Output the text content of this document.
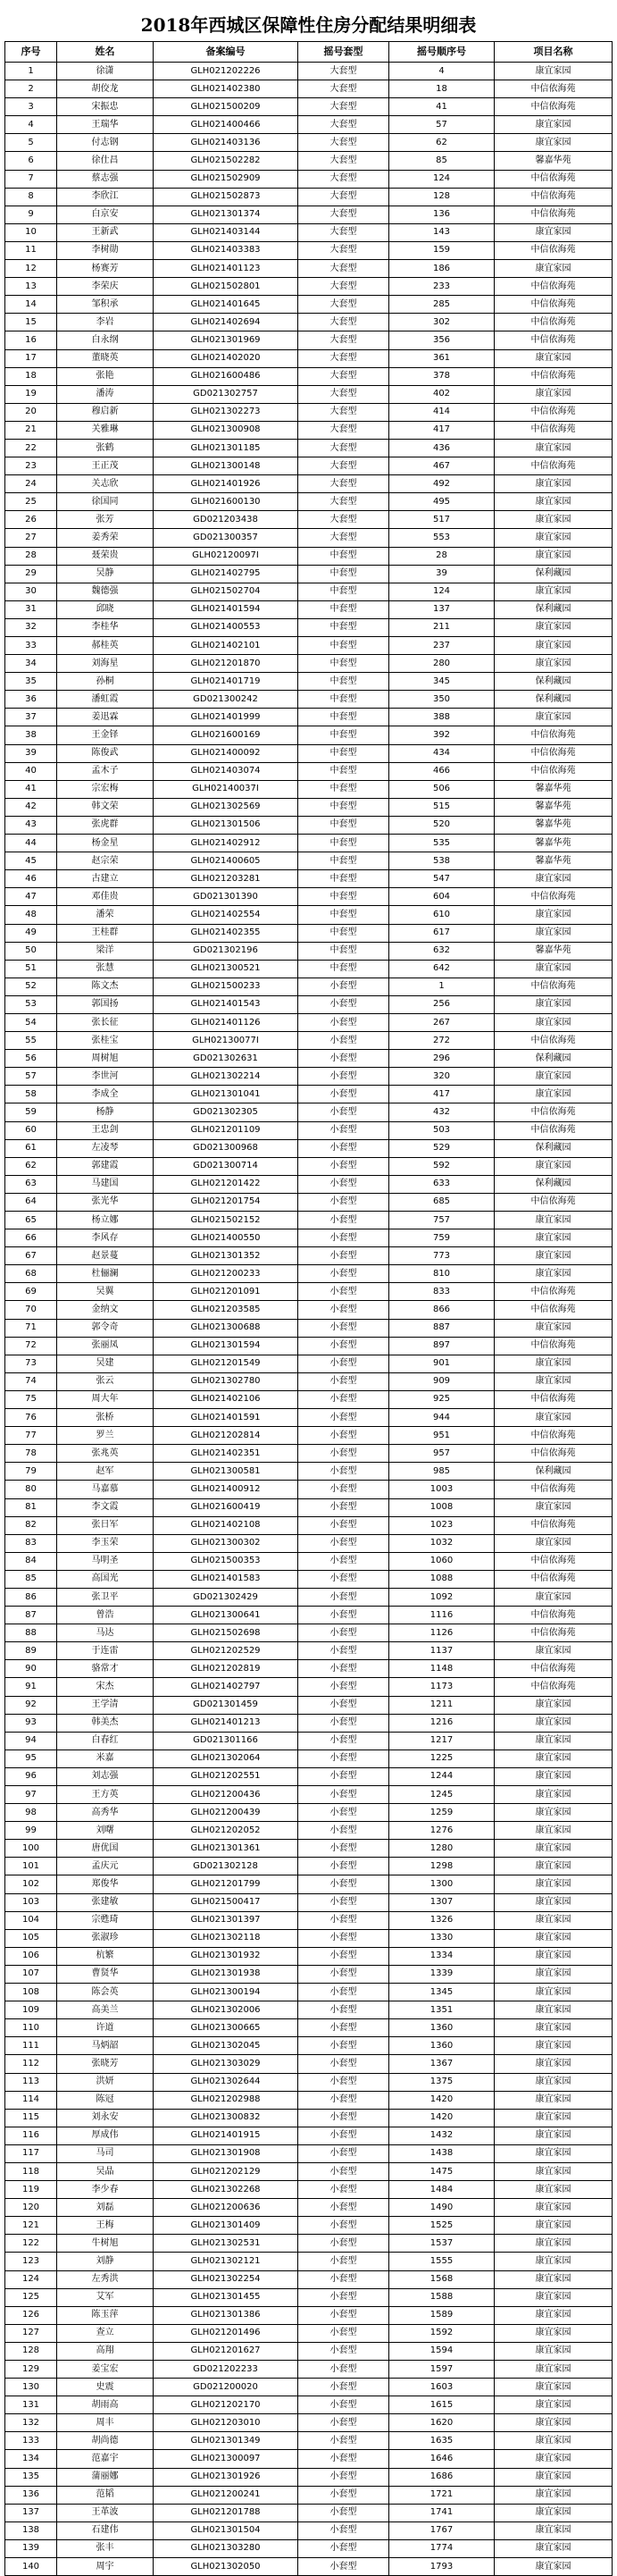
2018年西城区保障性住房分配结果明细表
序号	姓名	备案编号	摇号套型	摇号顺序号	项目名称
1	徐潇	GLH021202226	大套型	4	康宜家园
2	胡佼龙	GLH021402380	大套型	18	中信依海苑
3	宋振忠	GLH021500209	大套型	41	中信依海苑
4	王瑞华	GLH021400466	大套型	57	康宜家园
5	付志钢	GLH021403136	大套型	62	康宜家园
6	徐仕昌	GLH021502282	大套型	85	馨嘉华苑
7	蔡志强	GLH021502909	大套型	124	中信依海苑
8	李欣江	GLH021502873	大套型	128	中信依海苑
9	白京安	GLH021301374	大套型	136	中信依海苑
10	王新武	GLH021403144	大套型	143	康宜家园
11	李树勋	GLH021403383	大套型	159	中信依海苑
12	杨赛芳	GLH021401123	大套型	186	康宜家园
13	李荣庆	GLH021502801	大套型	233	中信依海苑
14	邹积承	GLH021401645	大套型	285	中信依海苑
15	李岩	GLH021402694	大套型	302	中信依海苑
16	白永纲	GLH021301969	大套型	356	中信依海苑
17	董晓英	GLH021402020	大套型	361	康宜家园
18	张艳	GLH021600486	大套型	378	中信依海苑
19	潘涛	GD021302757	大套型	402	康宜家园
20	穆启新	GLH021302273	大套型	414	中信依海苑
21	关雅琳	GLH021300908	大套型	417	中信依海苑
22	张鹤	GLH021301185	大套型	436	康宜家园
23	王正茂	GLH021300148	大套型	467	中信依海苑
24	关志欣	GLH021401926	大套型	492	康宜家园
25	徐国同	GLH021600130	大套型	495	康宜家园
26	张芳	GD021203438	大套型	517	康宜家园
27	姜秀荣	GD021300357	大套型	553	康宜家园
28	聂荣贵	GLH02120097I	中套型	28	康宜家园
29	吴静	GLH021402795	中套型	39	保利藏园
30	魏德强	GLH021502704	中套型	124	康宜家园
31	邱晓	GLH021401594	中套型	137	保利藏园
32	李桂华	GLH021400553	中套型	211	康宜家园
33	郝桂英	GLH021402101	中套型	237	康宜家园
34	刘海星	GLH021201870	中套型	280	康宜家园
35	孙桐	GLH021401719	中套型	345	保利藏园
36	潘虹霞	GD021300242	中套型	350	保利藏园
37	姜迅霖	GLH021401999	中套型	388	康宜家园
38	王金铎	GLH021600169	中套型	392	中信依海苑
39	陈俊武	GLH021400092	中套型	434	中信依海苑
40	孟木子	GLH021403074	中套型	466	中信依海苑
41	宗宏梅	GLH02140037I	中套型	506	馨嘉华苑
42	韩文荣	GLH021302569	中套型	515	馨嘉华苑
43	张虎群	GLH021301506	中套型	520	馨嘉华苑
44	杨金星	GLH021402912	中套型	535	馨嘉华苑
45	赵宗荣	GLH021400605	中套型	538	馨嘉华苑
46	古建立	GLH021203281	中套型	547	康宜家园
47	邓佳贵	GD021301390	中套型	604	中信依海苑
48	潘荣	GLH021402554	中套型	610	康宜家园
49	王桂群	GLH021402355	中套型	617	康宜家园
50	梁洋	GD021302196	中套型	632	馨嘉华苑
51	张慧	GLH021300521	中套型	642	康宜家园
52	陈文杰	GLH021500233	小套型	1	中信依海苑
53	郭国扬	GLH021401543	小套型	256	康宜家园
54	张长征	GLH021401126	小套型	267	康宜家园
55	张桂宝	GLH02130077I	小套型	272	中信依海苑
56	周树旭	GD021302631	小套型	296	保利藏园
57	李世河	GLH021302214	小套型	320	康宜家园
58	李成全	GLH021301041	小套型	417	康宜家园
59	杨静	GD021302305	小套型	432	中信依海苑
60	王忠剑	GLH021201109	小套型	503	中信依海苑
61	左凌琴	GD021300968	小套型	529	保利藏园
62	郭建霞	GD021300714	小套型	592	康宜家园
63	马建国	GLH021201422	小套型	633	保利藏园
64	张光华	GLH021201754	小套型	685	中信依海苑
65	杨立娜	GLH021502152	小套型	757	康宜家园
66	李风存	GLH021400550	小套型	759	康宜家园
67	赵景蔓	GLH021301352	小套型	773	康宜家园
68	杜俪澜	GLH021200233	小套型	810	康宜家园
69	吴翼	GLH021201091	小套型	833	中信依海苑
70	金纳文	GLH021203585	小套型	866	中信依海苑
71	郭令奇	GLH021300688	小套型	887	康宜家园
72	张丽凤	GLH021301594	小套型	897	中信依海苑
73	吴建	GLH021201549	小套型	901	康宜家园
74	张云	GLH021302780	小套型	909	康宜家园
75	周大年	GLH021402106	小套型	925	中信依海苑
76	张桥	GLH021401591	小套型	944	康宜家园
77	罗兰	GLH021202814	小套型	951	中信依海苑
78	张兆英	GLH021402351	小套型	957	中信依海苑
79	赵军	GLH021300581	小套型	985	保利藏园
80	马嘉慕	GLH021400912	小套型	1003	中信依海苑
81	李文霞	GLH021600419	小套型	1008	康宜家园
82	张日军	GLH021402108	小套型	1023	中信依海苑
83	李玉荣	GLH021300302	小套型	1032	康宜家园
84	马明圣	GLH021500353	小套型	1060	中信依海苑
85	高国光	GLH021401583	小套型	1088	中信依海苑
86	张卫平	GD021302429	小套型	1092	康宜家园
87	曾浩	GLH021300641	小套型	1116	中信依海苑
88	马达	GLH021502698	小套型	1126	中信依海苑
89	于连雷	GLH021202529	小套型	1137	康宜家园
90	骆常才	GLH021202819	小套型	1148	中信依海苑
91	宋杰	GLH021402797	小套型	1173	中信依海苑
92	王学清	GD021301459	小套型	1211	康宜家园
93	韩美杰	GLH021401213	小套型	1216	康宜家园
94	白春红	GD021301166	小套型	1217	康宜家园
95	米嘉	GLH021302064	小套型	1225	康宜家园
96	刘志强	GLH021202551	小套型	1244	康宜家园
97	王方英	GLH021200436	小套型	1245	康宜家园
98	高秀华	GLH021200439	小套型	1259	康宜家园
99	刘曙	GLH021202052	小套型	1276	康宜家园
100	唐优国	GLH021301361	小套型	1280	康宜家园
101	孟庆元	GD021302128	小套型	1298	康宜家园
102	郑俊华	GLH021201799	小套型	1300	康宜家园
103	张建敏	GLH021500417	小套型	1307	康宜家园
104	宗甦琦	GLH021301397	小套型	1326	康宜家园
105	张淑珍	GLH021302118	小套型	1330	康宜家园
106	杭繁	GLH021301932	小套型	1334	康宜家园
107	曹贤华	GLH021301938	小套型	1339	康宜家园
108	陈会英	GLH021300194	小套型	1345	康宜家园
109	高美兰	GLH021302006	小套型	1351	康宜家园
110	许道	GLH021300665	小套型	1360	康宜家园
111	马炳韶	GLH021302045	小套型	1360	康宜家园
112	张晓芳	GLH021303029	小套型	1367	康宜家园
113	洪妍	GLH021302644	小套型	1375	康宜家园
114	陈冠	GLH021202988	小套型	1420	康宜家园
115	刘永安	GLH021300832	小套型	1420	康宜家园
116	厚成伟	GLH021401915	小套型	1432	康宜家园
117	马司	GLH021301908	小套型	1438	康宜家园
118	吴晶	GLH021202129	小套型	1475	康宜家园
119	李少春	GLH021302268	小套型	1484	康宜家园
120	刘磊	GLH021200636	小套型	1490	康宜家园
121	王梅	GLH021301409	小套型	1525	康宜家园
122	牛树旭	GLH021302531	小套型	1537	康宜家园
123	刘静	GLH021302121	小套型	1555	康宜家园
124	左秀洪	GLH021302254	小套型	1568	康宜家园
125	艾军	GLH021301455	小套型	1588	康宜家园
126	陈玉萍	GLH021301386	小套型	1589	康宜家园
127	查立	GLH021201496	小套型	1592	康宜家园
128	高翔	GLH021201627	小套型	1594	康宜家园
129	姜宝宏	GD021202233	小套型	1597	康宜家园
130	史震	GD021200020	小套型	1603	康宜家园
131	胡雨高	GLH021202170	小套型	1615	康宜家园
132	周丰	GLH021203010	小套型	1620	康宜家园
133	胡尚德	GLH021301349	小套型	1635	康宜家园
134	范嘉宇	GLH021300097	小套型	1646	康宜家园
135	蒲丽娜	GLH021301926	小套型	1686	康宜家园
136	范韬	GLH021200241	小套型	1721	康宜家园
137	王革波	GLH021201788	小套型	1741	康宜家园
138	石建伟	GLH021301504	小套型	1767	康宜家园
139	张丰	GLH021303280	小套型	1774	康宜家园
140	周宇	GLH021302050	小套型	1793	康宜家园
